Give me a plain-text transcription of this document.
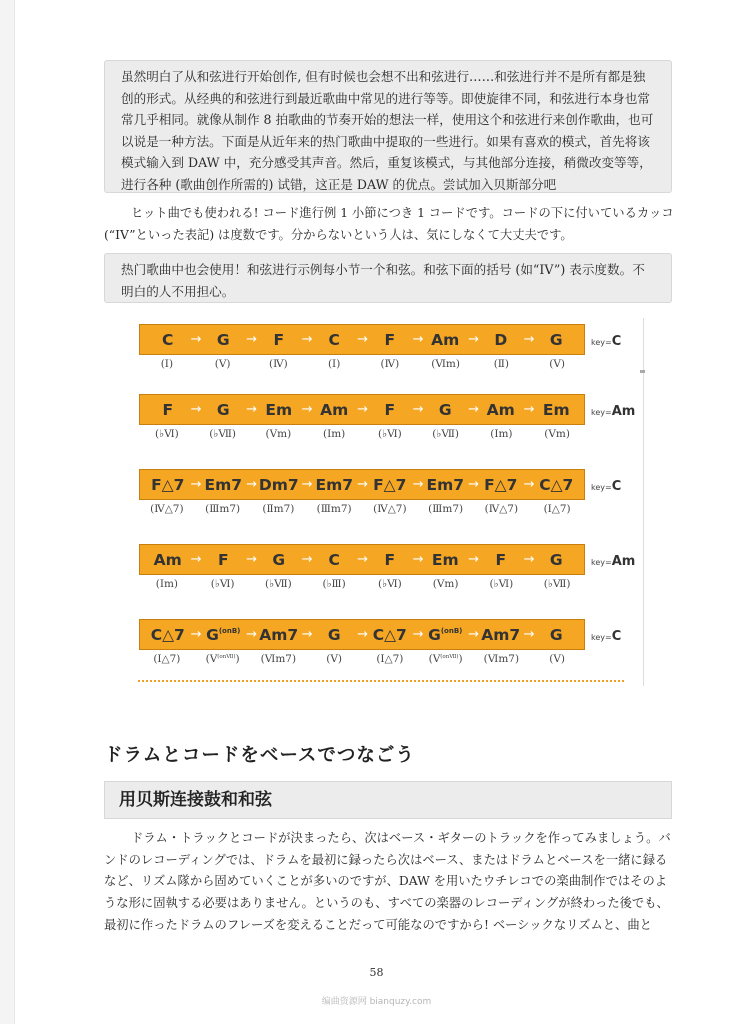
虽然明白了从和弦进行开始创作, 但有时候也会想不出和弦进行……和弦进行并不是所有都是独创的形式。从经典的和弦进行到最近歌曲中常见的进行等等。即使旋律不同，和弦进行本身也常常几乎相同。就像从制作 8 拍歌曲的节奏开始的想法一样，使用这个和弦进行来创作歌曲，也可以说是一种方法。下面是从近年来的热门歌曲中提取的一些进行。如果有喜欢的模式，首先将该模式输入到 DAW 中，充分感受其声音。然后，重复该模式，与其他部分连接，稍微改变等等，进行各种 (歌曲创作所需的) 试错，这正是 DAW 的优点。尝试加入贝斯部分吧

ヒット曲でも使われる! コード進行例 1 小節につき 1 コードです。コードの下に付いているカッコ (“IV”といった表記) は度数です。分からないという人は、気にしなくて大丈夫です。

热门歌曲中也会使用！和弦进行示例每小节一个和弦。和弦下面的括号 (如“IV”) 表示度数。不明白的人不用担心。
C → G → F → C → F → Am → D → G	key=C
(Ⅰ)	(Ⅴ)	(Ⅳ)	(Ⅰ)	(Ⅳ)	(Ⅵm)	(Ⅱ)	(Ⅴ)
F → G → Em → Am → F → G → Am → Em	key=Am
(♭Ⅵ)	(♭Ⅶ)	(Ⅴm)	(Ⅰm)	(♭Ⅵ)	(♭Ⅶ)	(Ⅰm)	(Ⅴm)
F△7 → Em7 → Dm7 → Em7 → F△7 → Em7 → F△7 → C△7 key=C
(Ⅳ△7)	(Ⅲm7)	(Ⅱm7)	(Ⅲm7)	(Ⅳ△7)	(Ⅲm7)	(Ⅳ△7)	(Ⅰ△7)
Am → F → G → C → F → Em → F → G	key=Am
(Ⅰm)	(♭Ⅵ)	(♭Ⅶ)	(♭Ⅲ)	(♭Ⅵ)	(Ⅴm)	(♭Ⅵ)	(♭Ⅶ)
C△7 → $G^{(onB)} \to Am7 \to G$ → C△7 → $G^{(onB)} \to Am7 \to G$	key=C
(Ⅰ△7)	(Ⅴ$^{(onⅦ)}$)	(Ⅵm7)	(Ⅴ)	(Ⅰ△7)	(Ⅴ$^{(onⅦ)}$)	(Ⅵm7)	(Ⅴ)
ドラムとコードをベースでつなごう
用贝斯连接鼓和和弦

ドラム・トラックとコードが決まったら、次はベース・ギターのトラックを作ってみましょう。バンドのレコーディングでは、ドラムを最初に録ったら次はベース、またはドラムとベースを一緒に録るなど、リズム隊から固めていくことが多いのですが、DAW を用いたウチレコでの楽曲制作ではそのような形に固執する必要はありません。というのも、すべての楽器のレコーディングが終わった後でも、最初に作ったドラムのフレーズを変えることだって可能なのですから! ベーシックなリズムと、曲と

58
编曲资源网 bianquzy.com
